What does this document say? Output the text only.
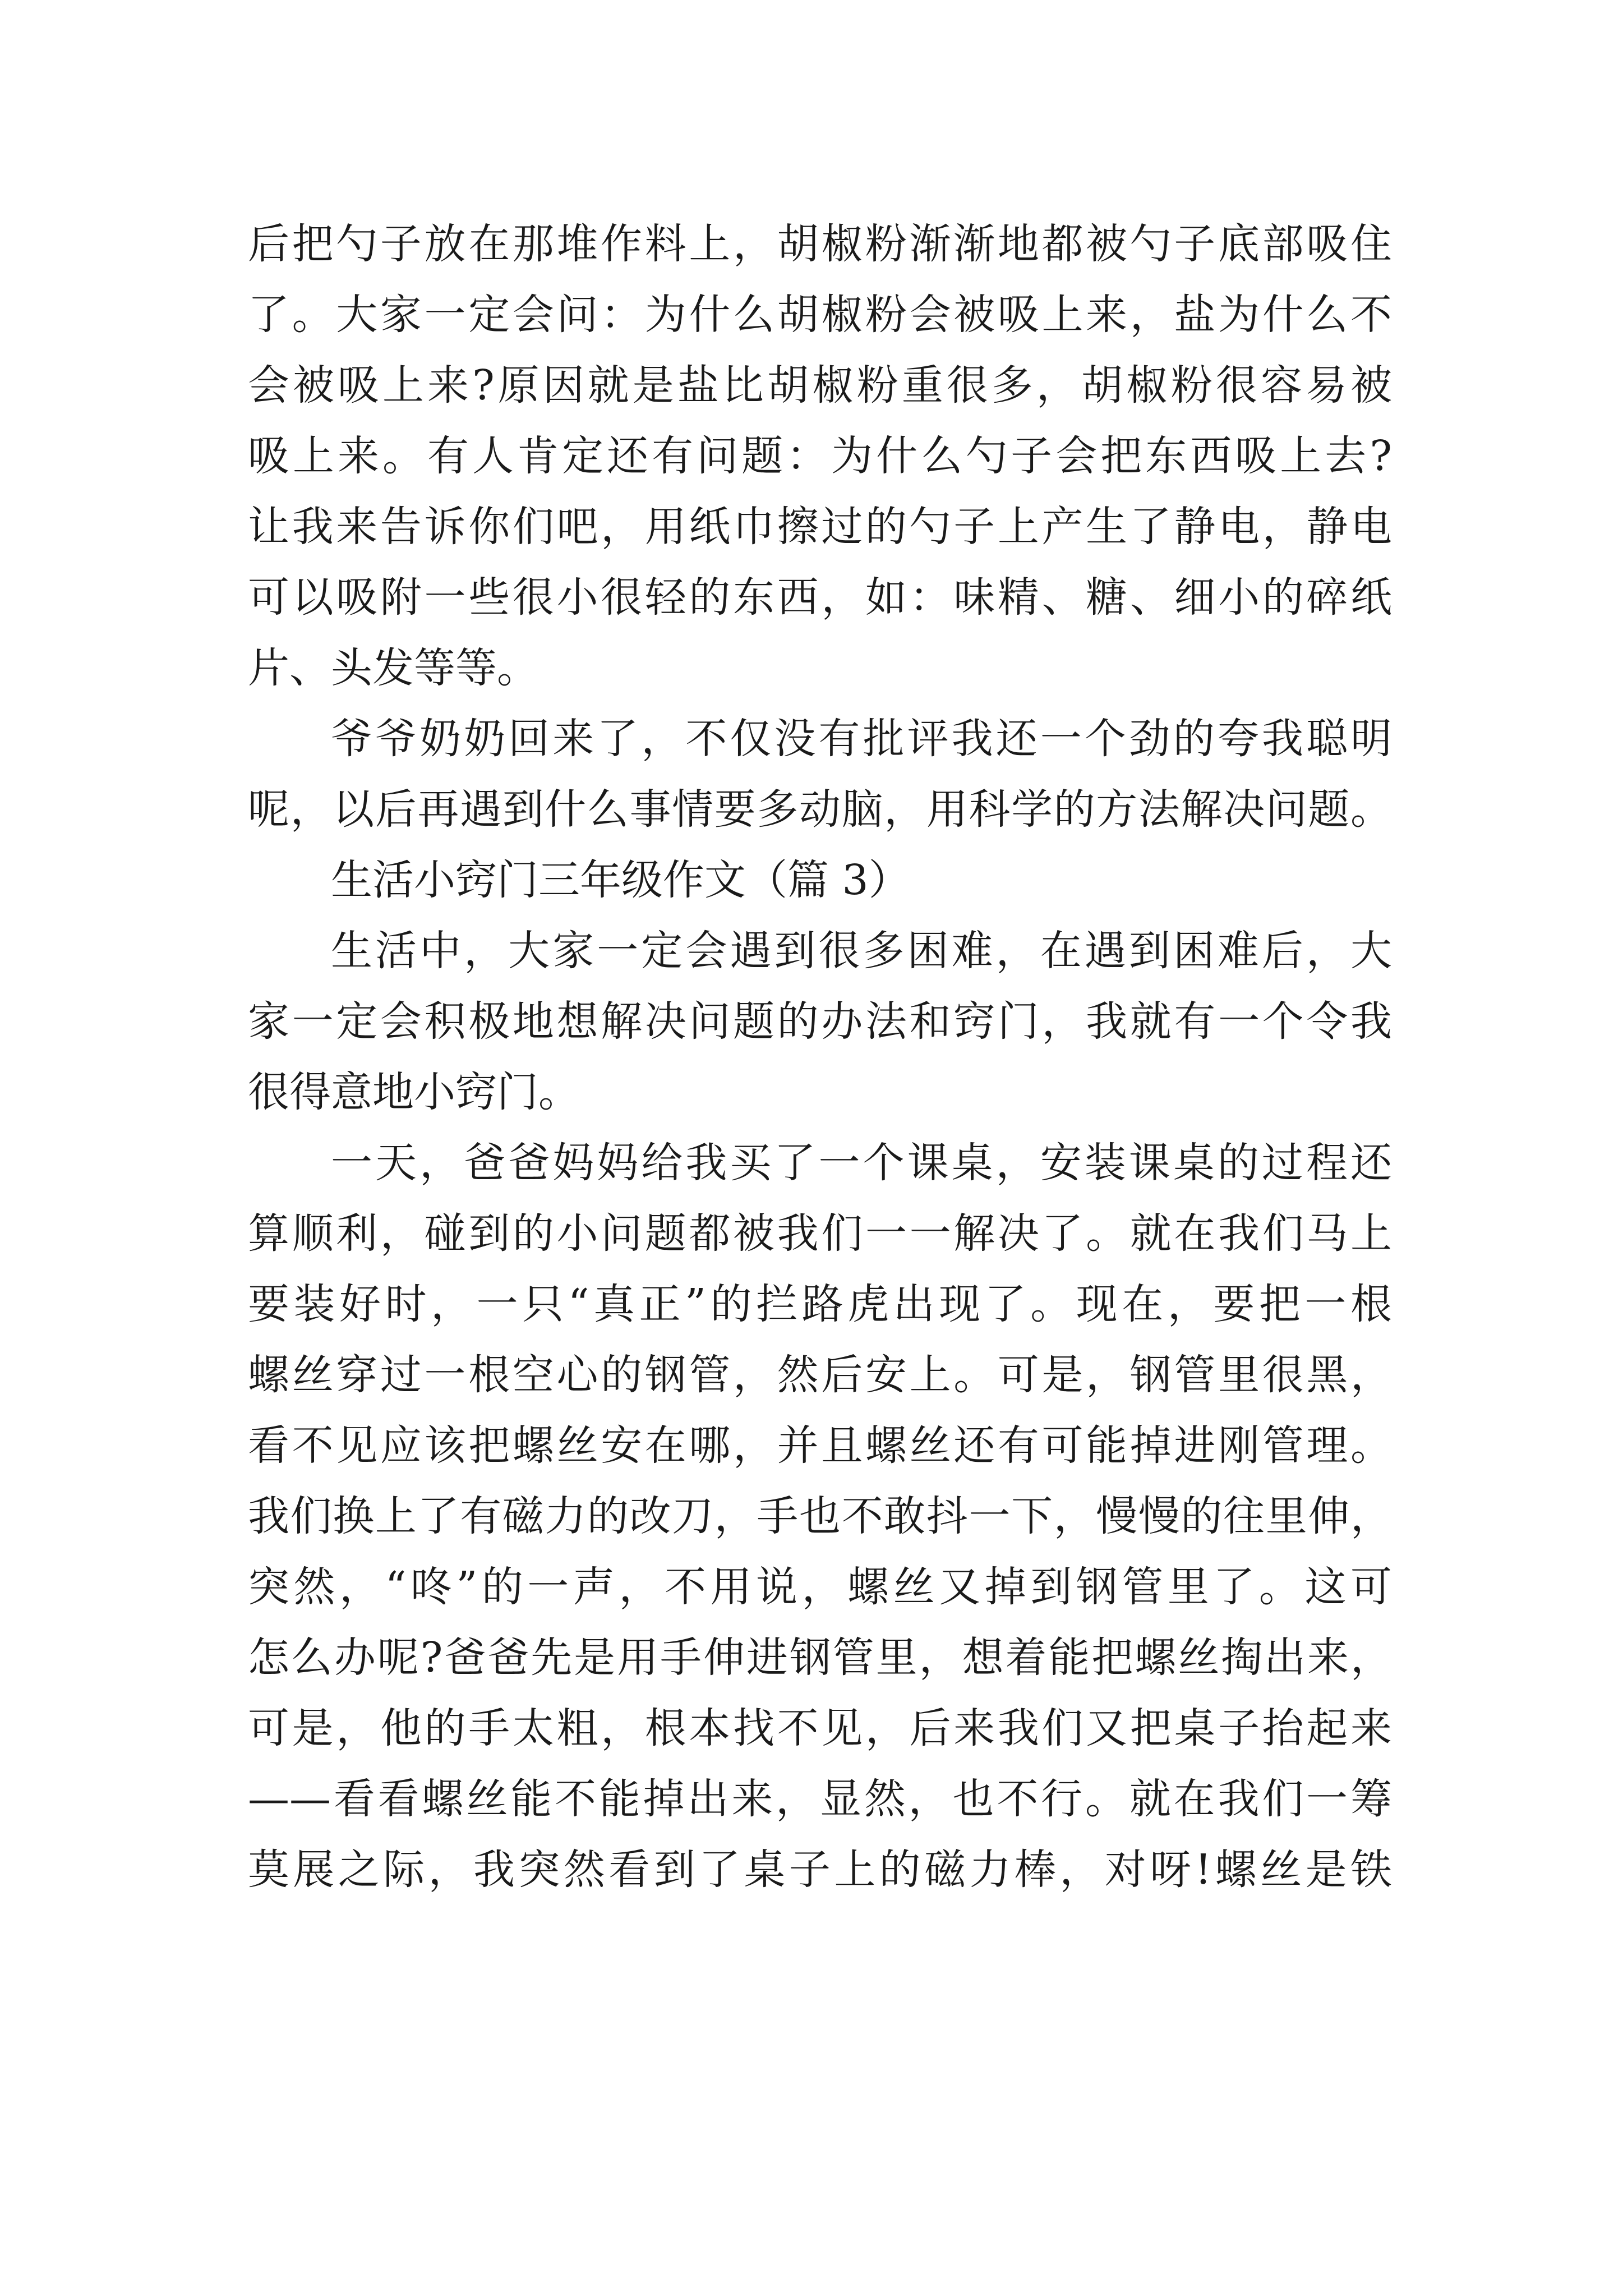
后把勺子放在那堆作料上，胡椒粉渐渐地都被勺子底部吸住
了。大家一定会问：为什么胡椒粉会被吸上来，盐为什么不
会被吸上来?原因就是盐比胡椒粉重很多，胡椒粉很容易被
吸上来。有人肯定还有问题：为什么勺子会把东西吸上去?
让我来告诉你们吧，用纸巾擦过的勺子上产生了静电，静电
可以吸附一些很小很轻的东西，如：味精、糖、细小的碎纸
片、头发等等。
爷爷奶奶回来了，不仅没有批评我还一个劲的夸我聪明
呢，以后再遇到什么事情要多动脑，用科学的方法解决问题。
生活小窍门三年级作文（篇 3）
生活中，大家一定会遇到很多困难，在遇到困难后，大
家一定会积极地想解决问题的办法和窍门，我就有一个令我
很得意地小窍门。
一天，爸爸妈妈给我买了一个课桌，安装课桌的过程还
算顺利，碰到的小问题都被我们一一解决了。就在我们马上
要装好时，一只“真正”的拦路虎出现了。现在，要把一根
螺丝穿过一根空心的钢管，然后安上。可是，钢管里很黑，
看不见应该把螺丝安在哪，并且螺丝还有可能掉进刚管理。
我们换上了有磁力的改刀，手也不敢抖一下，慢慢的往里伸，
突然，“咚”的一声，不用说，螺丝又掉到钢管里了。这可
怎么办呢?爸爸先是用手伸进钢管里，想着能把螺丝掏出来，
可是，他的手太粗，根本找不见，后来我们又把桌子抬起来
——看看螺丝能不能掉出来，显然，也不行。就在我们一筹
莫展之际，我突然看到了桌子上的磁力棒，对呀!螺丝是铁
